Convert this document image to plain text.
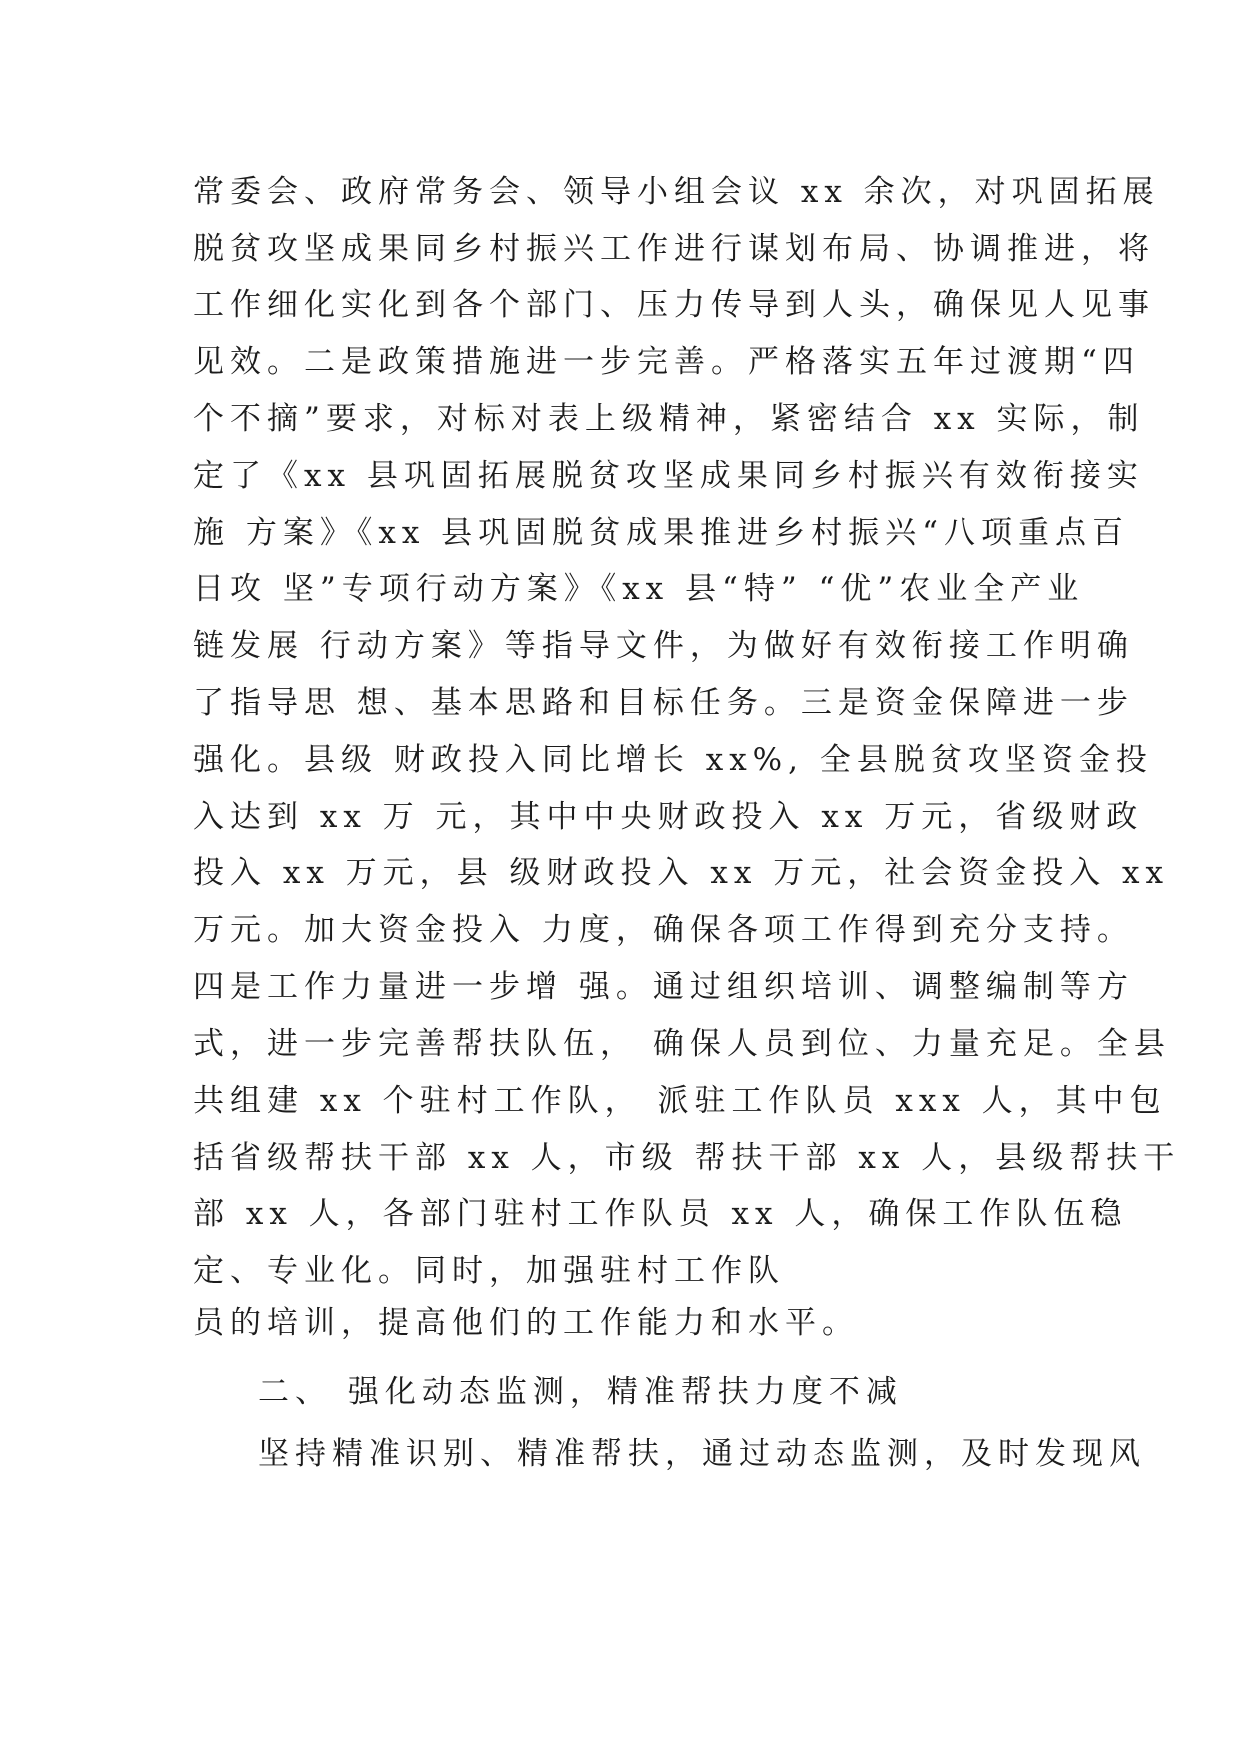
常委会、政府常务会、领导小组会议 xx 余次，对巩固拓展
脱贫攻坚成果同乡村振兴工作进行谋划布局、协调推进，将
工作细化实化到各个部门、压力传导到人头，确保见人见事
见效。二是政策措施进一步完善。严格落实五年过渡期“四
个不摘”要求，对标对表上级精神，紧密结合 xx 实际，制
定了《xx 县巩固拓展脱贫攻坚成果同乡村振兴有效衔接实
施 方案》《xx 县巩固脱贫成果推进乡村振兴“八项重点百
日攻 坚”专项行动方案》《xx 县“特” “优”农业全产业
链发展 行动方案》等指导文件，为做好有效衔接工作明确
了指导思 想、基本思路和目标任务。三是资金保障进一步
强化。县级 财政投入同比增长 xx%, 全县脱贫攻坚资金投
入达到 xx 万 元，其中中央财政投入 xx 万元，省级财政
投入 xx 万元，县 级财政投入 xx 万元，社会资金投入 xx
万元。加大资金投入 力度，确保各项工作得到充分支持。
四是工作力量进一步增 强。通过组织培训、调整编制等方
式，进一步完善帮扶队伍， 确保人员到位、力量充足。全县
共组建 xx 个驻村工作队， 派驻工作队员 xxx 人，其中包
括省级帮扶干部 xx 人，市级 帮扶干部 xx 人，县级帮扶干
部 xx 人，各部门驻村工作队员 xx 人，确保工作队伍稳
定、专业化。同时，加强驻村工作队
员的培训，提高他们的工作能力和水平。
二、 强化动态监测，精准帮扶力度不减
坚持精准识别、精准帮扶，通过动态监测，及时发现风
